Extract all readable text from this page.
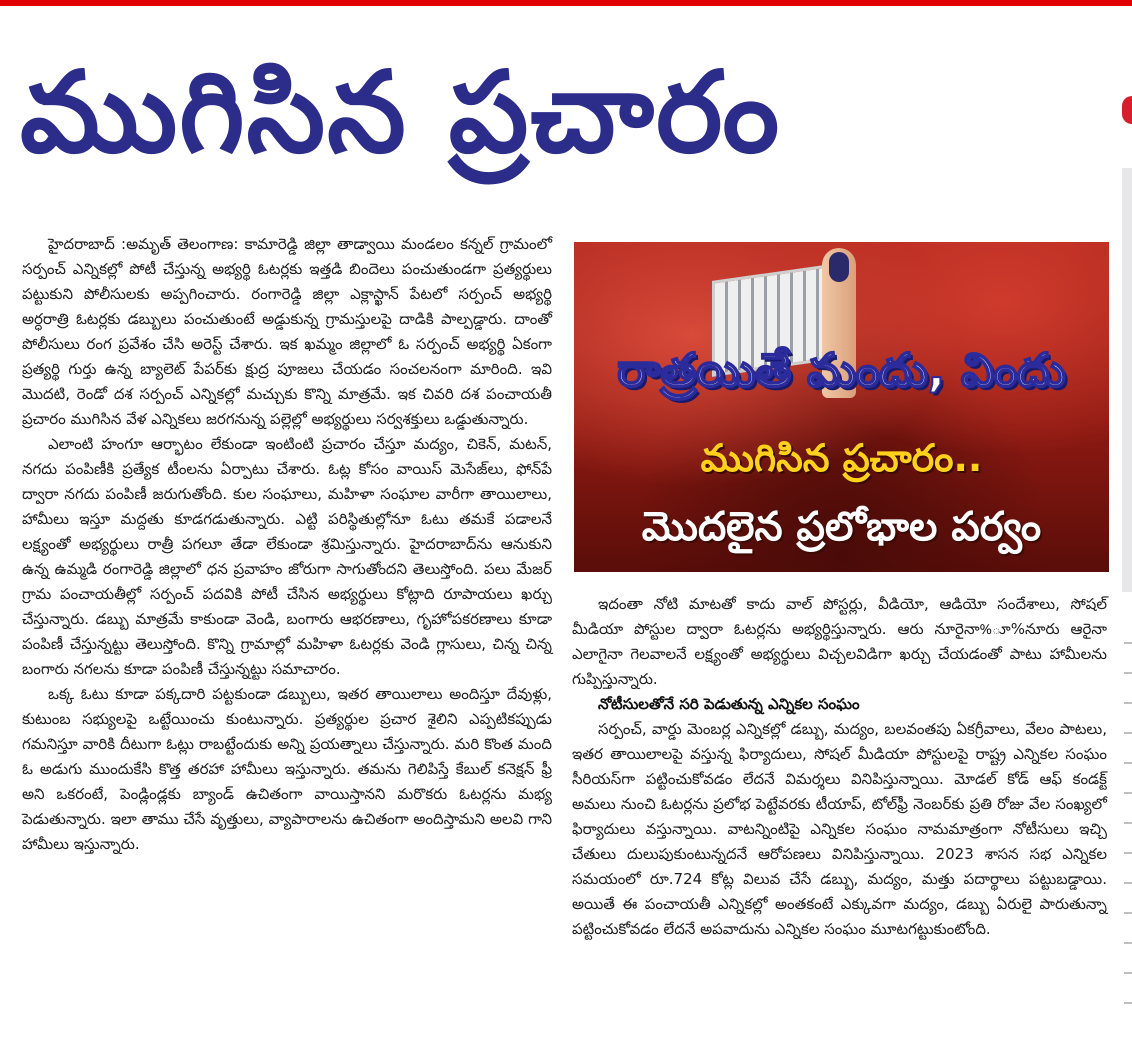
ముగిసిన ప్రచారం

హైదరాబాద్ :అమృత్ తెలంగాణ: కామారెడ్డి జిల్లా తాడ్వాయి మండలం కన్నల్ గ్రామంలో సర్పంచ్ ఎన్నికల్లో పోటీ చేస్తున్న అభ్యర్థి ఓటర్లకు ఇత్తడి బిందెలు పంచుతుండగా ప్రత్యర్థులు పట్టుకుని పోలీసులకు అప్పగించారు. రంగారెడ్డి జిల్లా ఎక్లాస్ఖాన్ పేటలో సర్పంచ్ అభ్యర్థి అర్ధరాత్రి ఓటర్లకు డబ్బులు పంచుతుంటే అడ్డుకున్న గ్రామస్తులపై దాడికి పాల్పడ్డారు. దాంతో పోలీసులు రంగ ప్రవేశం చేసి అరెస్ట్ చేశారు. ఇక ఖమ్మం జిల్లాలో ఓ సర్పంచ్ అభ్యర్థి ఏకంగా ప్రత్యర్థి గుర్తు ఉన్న బ్యాలెట్ పేపర్‌కు క్షుద్ర పూజలు చేయడం సంచలనంగా మారింది. ఇవి మొదటి, రెండో దశ సర్పంచ్ ఎన్నికల్లో మచ్చుకు కొన్ని మాత్రమే. ఇక చివరి దశ పంచాయతీ ప్రచారం ముగిసిన వేళ ఎన్నికలు జరగనున్న పల్లెల్లో అభ్యర్థులు సర్వశక్తులు ఒడ్డుతున్నారు.

ఎలాంటి హంగూ ఆర్భాటం లేకుండా ఇంటింటి ప్రచారం చేస్తూ మద్యం, చికెన్, మటన్, నగదు పంపిణీకి ప్రత్యేక టీంలను ఏర్పాటు చేశారు. ఓట్ల కోసం వాయిస్ మెసేజ్‌లు, ఫోన్‌పే ద్వారా నగదు పంపిణీ జరుగుతోంది. కుల సంఘాలు, మహిళా సంఘాల వారీగా తాయిలాలు, హామీలు ఇస్తూ మద్దతు కూడగడుతున్నారు. ఎట్టి పరిస్థితుల్లోనూ ఓటు తమకే పడాలనే లక్ష్యంతో అభ్యర్థులు రాత్రీ పగలూ తేడా లేకుండా శ్రమిస్తున్నారు. హైదరాబాద్‌ను ఆనుకుని ఉన్న ఉమ్మడి రంగారెడ్డి జిల్లాలో ధన ప్రవాహం జోరుగా సాగుతోందని తెలుస్తోంది. పలు మేజర్ గ్రామ పంచాయతీల్లో సర్పంచ్ పదవికి పోటీ చేసిన అభ్యర్థులు కోట్లాది రూపాయలు ఖర్చు చేస్తున్నారు. డబ్బు మాత్రమే కాకుండా వెండి, బంగారు ఆభరణాలు, గృహోపకరణాలు కూడా పంపిణీ చేస్తున్నట్టు తెలుస్తోంది. కొన్ని గ్రామాల్లో మహిళా ఓటర్లకు వెండి గ్లాసులు, చిన్న చిన్న బంగారు నగలను కూడా పంపిణీ చేస్తున్నట్టు సమాచారం.

ఒక్క ఓటు కూడా పక్కదారి పట్టకుండా డబ్బులు, ఇతర తాయిలాలు అందిస్తూ దేవుళ్లు, కుటుంబ సభ్యులపై ఒట్టేయించు కుంటున్నారు. ప్రత్యర్థుల ప్రచార శైలిని ఎప్పటికప్పుడు గమనిస్తూ వారికి దీటుగా ఓట్లు రాబట్టేందుకు అన్ని ప్రయత్నాలు చేస్తున్నారు. మరి కొంత మంది ఓ అడుగు ముందుకేసి కొత్త తరహా హామీలు ఇస్తున్నారు. తమను గెలిపిస్తే కేబుల్ కనెక్షన్ ఫ్రీ అని ఒకరంటే, పెండ్లిండ్లకు బ్యాండ్ ఉచితంగా వాయిస్తానని మరొకరు ఓటర్లను మభ్య పెడుతున్నారు. ఇలా తాము చేసే వృత్తులు, వ్యాపారాలను ఉచితంగా అందిస్తామని అలవి గాని హామీలు ఇస్తున్నారు.

రాత్రయితే మందు, విందు

ముగిసిన ప్రచారం..

మొదలైన ప్రలోభాల పర్వం

ఇదంతా నోటి మాటతో కాదు వాల్ పోస్టర్లు, వీడియో, ఆడియో సందేశాలు, సోషల్ మీడియా పోస్టుల ద్వారా ఓటర్లను అభ్యర్థిస్తున్నారు. ఆరు నూరైనా%ూ%నూరు ఆరైనా ఎలాగైనా గెలవాలనే లక్ష్యంతో అభ్యర్థులు విచ్చలవిడిగా ఖర్చు చేయడంతో పాటు హామీలను గుప్పిస్తున్నారు.

నోటీసులతోనే సరి పెడుతున్న ఎన్నికల సంఘం

సర్పంచ్, వార్డు మెంబర్ల ఎన్నికల్లో డబ్బు, మద్యం, బలవంతపు ఏకగ్రీవాలు, వేలం పాటలు, ఇతర తాయిలాలపై వస్తున్న ఫిర్యాదులు, సోషల్ మీడియా పోస్టులపై రాష్ట్ర ఎన్నికల సంఘం సీరియస్‌గా పట్టించుకోవడం లేదనే విమర్శలు వినిపిస్తున్నాయి. మోడల్ కోడ్ ఆఫ్ కండక్ట్ అమలు నుంచి ఓటర్లను ప్రలోభ పెట్టేవరకు టీయాప్, టోల్‌ఫ్రీ నెంబర్‌కు ప్రతి రోజు వేల సంఖ్యలో ఫిర్యాదులు వస్తున్నాయి. వాటన్నింటిపై ఎన్నికల సంఘం నామమాత్రంగా నోటీసులు ఇచ్చి చేతులు దులుపుకుంటున్నదనే ఆరోపణలు వినిపిస్తున్నాయి. 2023 శాసన సభ ఎన్నికల సమయంలో రూ.724 కోట్ల విలువ చేసే డబ్బు, మద్యం, మత్తు పదార్థాలు పట్టుబడ్డాయి. అయితే ఈ పంచాయతీ ఎన్నికల్లో అంతకంటే ఎక్కువగా మద్యం, డబ్బు ఏరులై పారుతున్నా పట్టించుకోవడం లేదనే అపవాదును ఎన్నికల సంఘం మూటగట్టుకుంటోంది.
